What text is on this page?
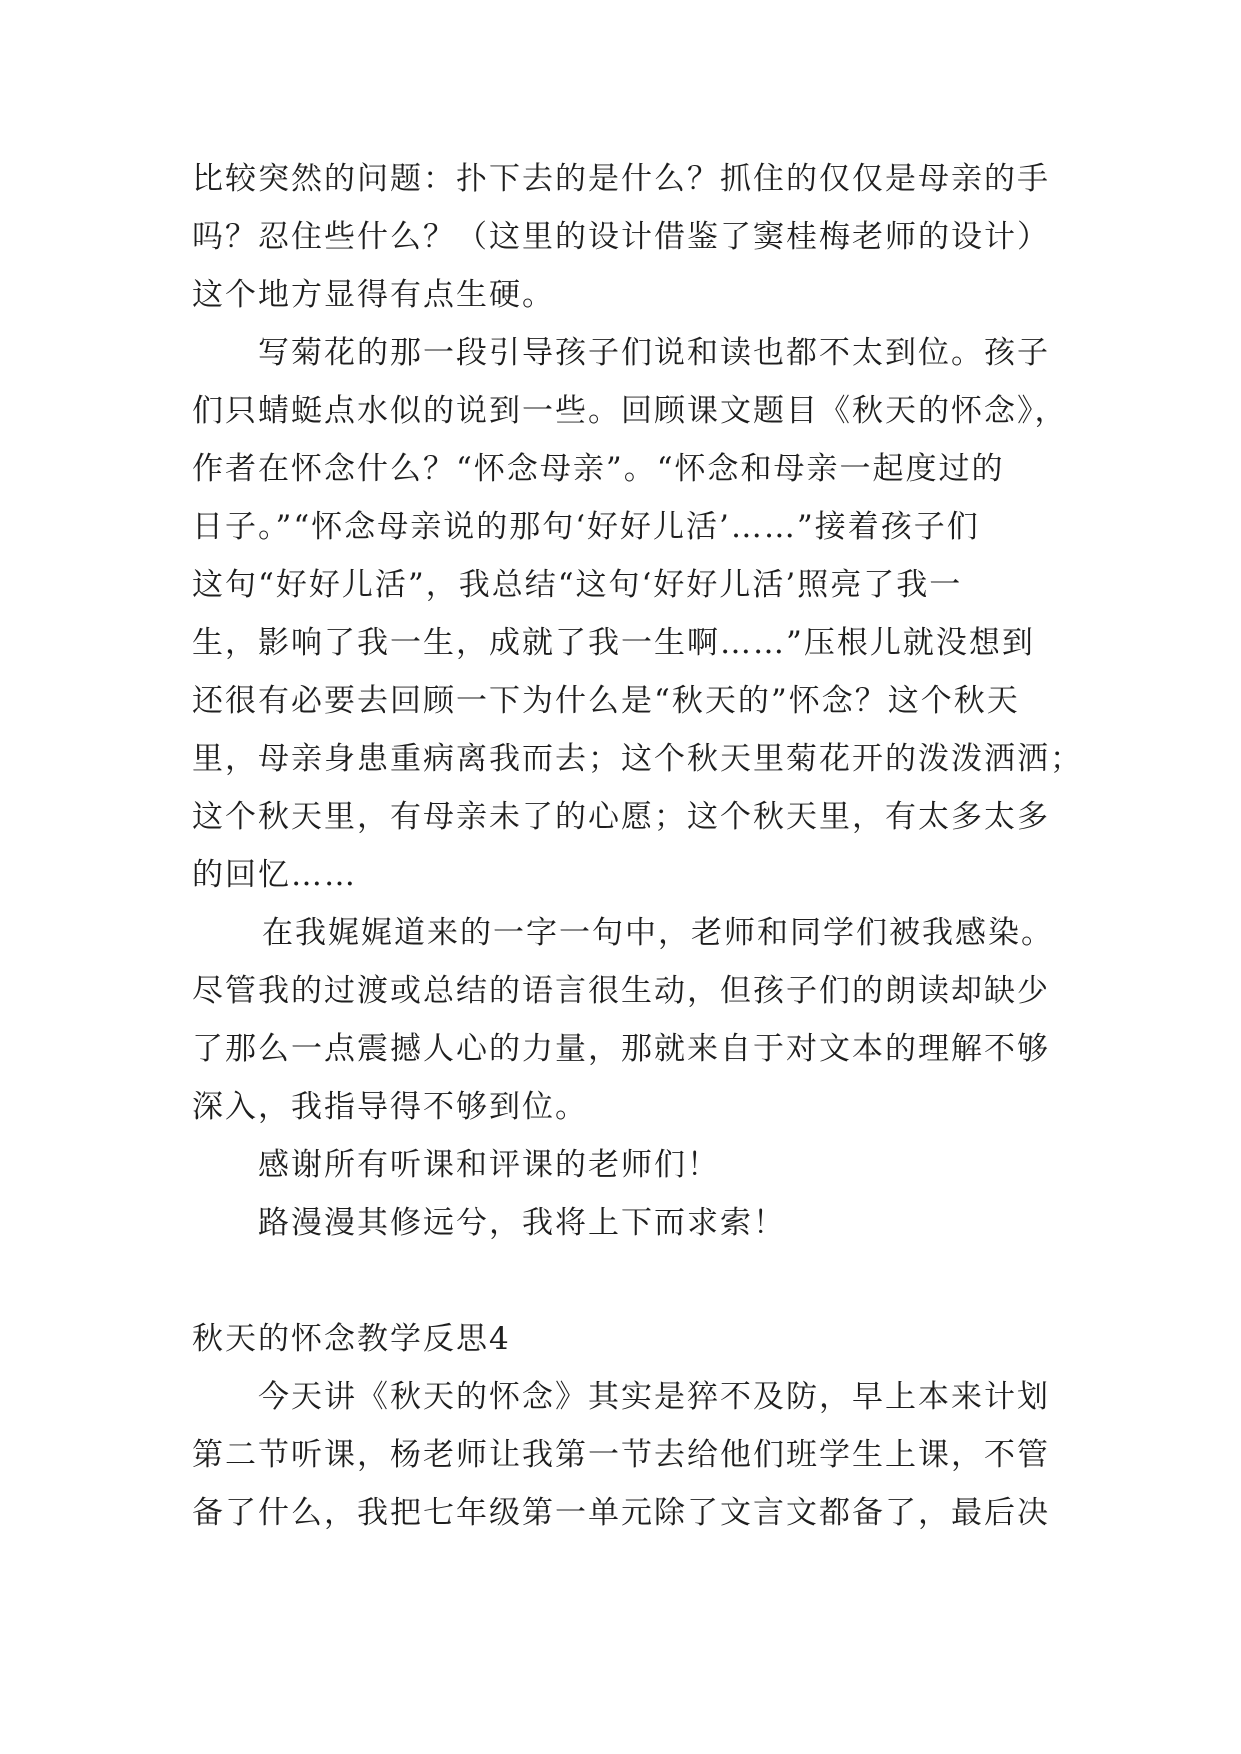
比较突然的问题：扑下去的是什么？抓住的仅仅是母亲的手
吗？忍住些什么？（这里的设计借鉴了窦桂梅老师的设计）
这个地方显得有点生硬。
写菊花的那一段引导孩子们说和读也都不太到位。孩子
们只蜻蜓点水似的说到一些。回顾课文题目《秋天的怀念》，
作者在怀念什么？“怀念母亲”。“怀念和母亲一起度过的
日子。”“怀念母亲说的那句‘好好儿活’……”接着孩子们
这句“好好儿活”，我总结“这句‘好好儿活’照亮了我一
生，影响了我一生，成就了我一生啊……”压根儿就没想到
还很有必要去回顾一下为什么是“秋天的”怀念？这个秋天
里，母亲身患重病离我而去；这个秋天里菊花开的泼泼洒洒；
这个秋天里，有母亲未了的心愿；这个秋天里，有太多太多
的回忆……
在我娓娓道来的一字一句中，老师和同学们被我感染。
尽管我的过渡或总结的语言很生动，但孩子们的朗读却缺少
了那么一点震撼人心的力量，那就来自于对文本的理解不够
深入，我指导得不够到位。
感谢所有听课和评课的老师们！
路漫漫其修远兮，我将上下而求索！
秋天的怀念教学反思4
今天讲《秋天的怀念》其实是猝不及防，早上本来计划
第二节听课，杨老师让我第一节去给他们班学生上课，不管
备了什么，我把七年级第一单元除了文言文都备了，最后决
